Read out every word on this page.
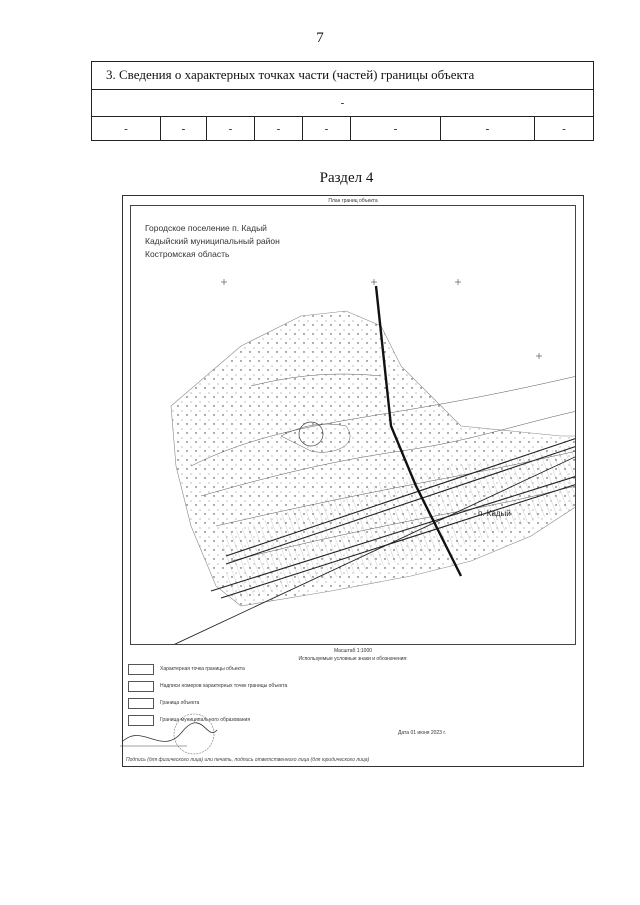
7
3. Сведения о характерных точках части (частей) границы объекта
-
-	-	-	-	-	-	-	-
Раздел 4
План границ объекта
Городское поселение п. Кадый
Кадыйский муниципальный район
Костромская область
п. Кадый
Масштаб 1:1000
Используемые условные знаки и обозначения:
Характерная точка границы объекта
Надписи номеров характерных точек границы объекта
Граница объекта
Граница муниципального образования
Дата 01 июня 2023 г.
Подпись (для физического лица) или печать, подпись ответственного лица (для юридического лица)
